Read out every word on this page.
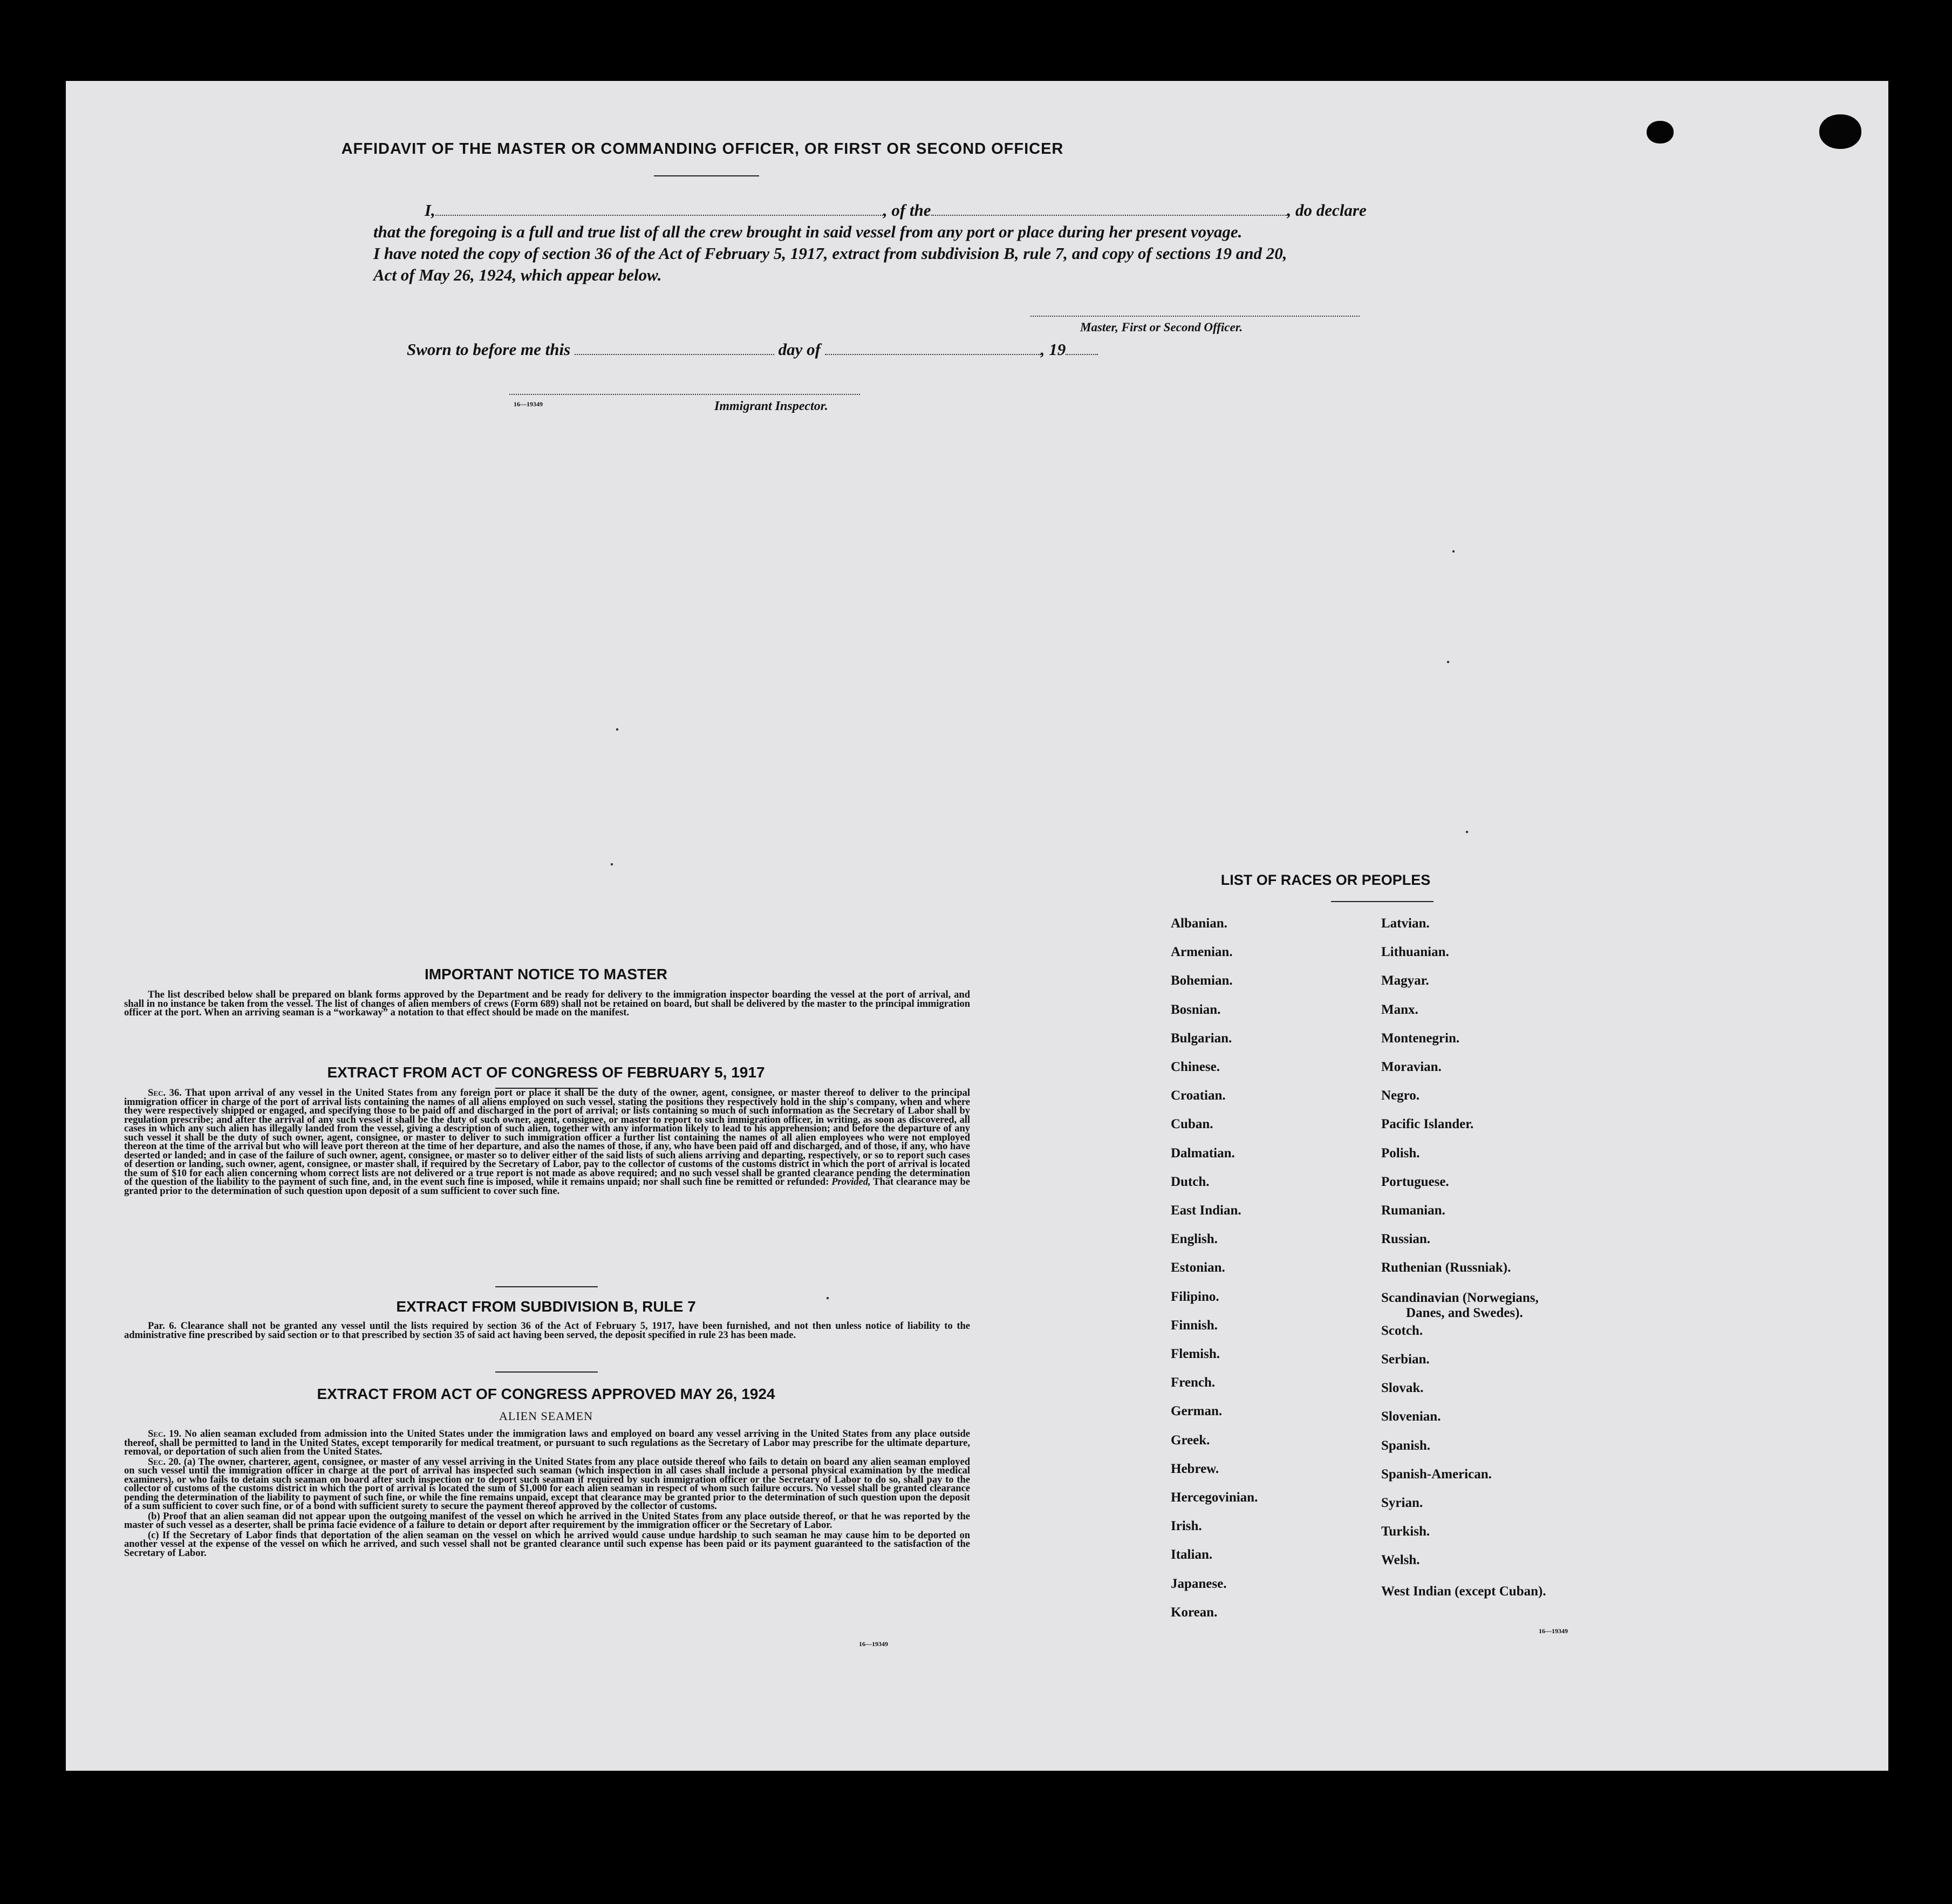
AFFIDAVIT OF THE MASTER OR COMMANDING OFFICER, OR FIRST OR SECOND OFFICER

I,	, of the	, do declare

that the foregoing is a full and true list of all the crew brought in said vessel from any port or place during her present voyage.

I have noted the copy of section 36 of the Act of February 5, 1917, extract from subdivision B, rule 7, and copy of sections 19 and 20,

Act of May 26, 1924, which appear below.

Master, First or Second Officer.
Sworn to before me this	day of	, 19
16—19349	Immigrant Inspector.
IMPORTANT NOTICE TO MASTER

The list described below shall be prepared on blank forms approved by the Department and be ready for delivery to the immigration inspector boarding the vessel at the port of arrival, and shall in no instance be taken from the vessel. The list of changes of alien members of crews (Form 689) shall not be retained on board, but shall be delivered by the master to the principal immigration officer at the port. When an arriving seaman is a “workaway” a notation to that effect should be made on the manifest.

EXTRACT FROM ACT OF CONGRESS OF FEBRUARY 5, 1917

Sec. 36. That upon arrival of any vessel in the United States from any foreign port or place it shall be the duty of the owner, agent, consignee, or master thereof to deliver to the principal immigration officer in charge of the port of arrival lists containing the names of all aliens employed on such vessel, stating the positions they respectively hold in the ship's company, when and where they were respectively shipped or engaged, and specifying those to be paid off and discharged in the port of arrival; or lists containing so much of such information as the Secretary of Labor shall by regulation prescribe; and after the arrival of any such vessel it shall be the duty of such owner, agent, consignee, or master to report to such immigration officer, in writing, as soon as discovered, all cases in which any such alien has illegally landed from the vessel, giving a description of such alien, together with any information likely to lead to his apprehension; and before the departure of any such vessel it shall be the duty of such owner, agent, consignee, or master to deliver to such immigration officer a further list containing the names of all alien employees who were not employed thereon at the time of the arrival but who will leave port thereon at the time of her departure, and also the names of those, if any, who have been paid off and discharged, and of those, if any, who have deserted or landed; and in case of the failure of such owner, agent, consignee, or master so to deliver either of the said lists of such aliens arriving and departing, respectively, or so to report such cases of desertion or landing, such owner, agent, consignee, or master shall, if required by the Secretary of Labor, pay to the collector of customs of the customs district in which the port of arrival is located the sum of $10 for each alien concerning whom correct lists are not delivered or a true report is not made as above required; and no such vessel shall be granted clearance pending the determination of the question of the liability to the payment of such fine, and, in the event such fine is imposed, while it remains unpaid; nor shall such fine be remitted or refunded: Provided, That clearance may be granted prior to the determination of such question upon deposit of a sum sufficient to cover such fine.

EXTRACT FROM SUBDIVISION B, RULE 7

Par. 6. Clearance shall not be granted any vessel until the lists required by section 36 of the Act of February 5, 1917, have been furnished, and not then unless notice of liability to the administrative fine prescribed by said section or to that prescribed by section 35 of said act having been served, the deposit specified in rule 23 has been made.

EXTRACT FROM ACT OF CONGRESS APPROVED MAY 26, 1924
ALIEN SEAMEN

Sec. 19. No alien seaman excluded from admission into the United States under the immigration laws and employed on board any vessel arriving in the United States from any place outside thereof, shall be permitted to land in the United States, except temporarily for medical treatment, or pursuant to such regulations as the Secretary of Labor may prescribe for the ultimate departure, removal, or deportation of such alien from the United States.

Sec. 20. (a) The owner, charterer, agent, consignee, or master of any vessel arriving in the United States from any place outside thereof who fails to detain on board any alien seaman employed on such vessel until the immigration officer in charge at the port of arrival has inspected such seaman (which inspection in all cases shall include a personal physical examination by the medical examiners), or who fails to detain such seaman on board after such inspection or to deport such seaman if required by such immigration officer or the Secretary of Labor to do so, shall pay to the collector of customs of the customs district in which the port of arrival is located the sum of $1,000 for each alien seaman in respect of whom such failure occurs. No vessel shall be granted clearance pending the determination of the liability to payment of such fine, or while the fine remains unpaid, except that clearance may be granted prior to the determination of such question upon the deposit of a sum sufficient to cover such fine, or of a bond with sufficient surety to secure the payment thereof approved by the collector of customs.

(b) Proof that an alien seaman did not appear upon the outgoing manifest of the vessel on which he arrived in the United States from any place outside thereof, or that he was reported by the master of such vessel as a deserter, shall be prima facie evidence of a failure to detain or deport after requirement by the immigration officer or the Secretary of Labor.

(c) If the Secretary of Labor finds that deportation of the alien seaman on the vessel on which he arrived would cause undue hardship to such seaman he may cause him to be deported on another vessel at the expense of the vessel on which he arrived, and such vessel shall not be granted clearance until such expense has been paid or its payment guaranteed to the satisfaction of the Secretary of Labor.

16—19349
LIST OF RACES OR PEOPLES
Albanian.
Armenian.
Bohemian.
Bosnian.
Bulgarian.
Chinese.
Croatian.
Cuban.
Dalmatian.
Dutch.
East Indian.
English.
Estonian.
Filipino.
Finnish.
Flemish.
French.
German.
Greek.
Hebrew.
Hercegovinian.
Irish.
Italian.
Japanese.
Korean.
Latvian.
Lithuanian.
Magyar.
Manx.
Montenegrin.
Moravian.
Negro.
Pacific Islander.
Polish.
Portuguese.
Rumanian.
Russian.
Ruthenian (Russniak).
Scandinavian (Norwegians,
Danes, and Swedes).
Scotch.
Serbian.
Slovak.
Slovenian.
Spanish.
Spanish-American.
Syrian.
Turkish.
Welsh.
West Indian (except Cuban).
16—19349
